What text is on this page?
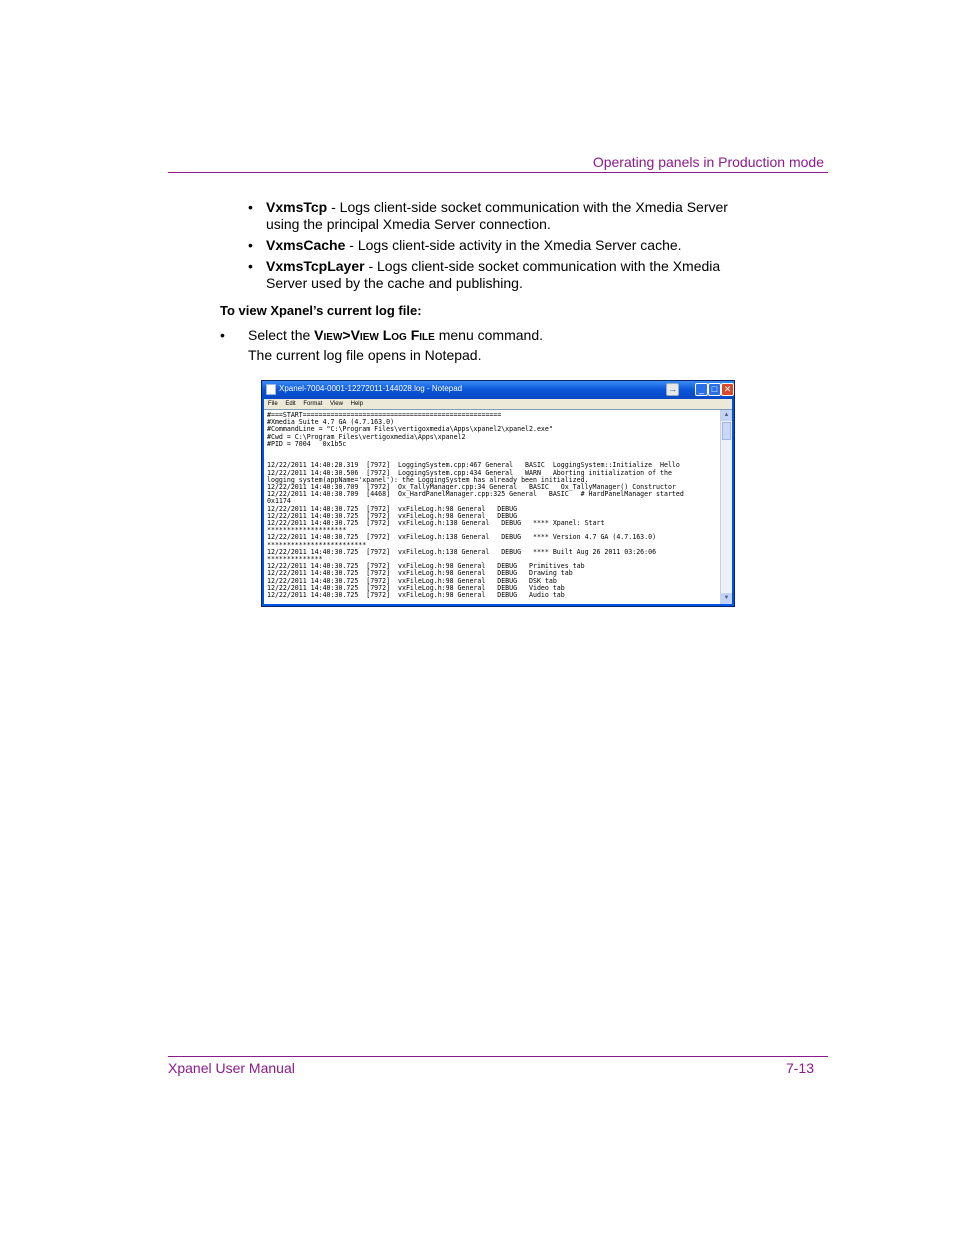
Operating panels in Production mode
• VxmsTcp - Logs client-side socket communication with the Xmedia Server
using the principal Xmedia Server connection.
• VxmsCache - Logs client-side activity in the Xmedia Server cache.
• VxmsTcpLayer - Logs client-side socket communication with the Xmedia
Server used by the cache and publishing.
To view Xpanel’s current log file:
• Select the VIEW>VIEW LOG FILE menu command.
The current log file opens in Notepad.
Xpanel-7004-0001-12272011-144028.log - Notepad	→	_ □ ✕
File Edit Format View Help
#===START==================================================
#Xmedia Suite 4.7 GA (4.7.163.0)
#CommandLine = "C:\Program Files\vertigoxmedia\Apps\xpanel2\xpanel2.exe"
#Cwd = C:\Program Files\vertigoxmedia\Apps\xpanel2
#PID = 7004   0x1b5c

12/22/2011 14:40:28.319  [7972]  LoggingSystem.cpp:467 General   BASIC  LoggingSystem::Initialize  Hello
12/22/2011 14:40:30.506  [7972]  LoggingSystem.cpp:434 General   WARN   Aborting initialization of the
logging system(appName='xpanel'): the LoggingSystem has already been initialized.
12/22/2011 14:40:30.709  [7972]  Ox_TallyManager.cpp:34 General   BASIC   Ox_TallyManager() Constructor
12/22/2011 14:40:30.709  [4468]  Ox_HardPanelManager.cpp:325 General   BASIC   # HardPanelManager started
0x1174
12/22/2011 14:40:30.725  [7972]  vxFileLog.h:98 General   DEBUG
12/22/2011 14:40:30.725  [7972]  vxFileLog.h:98 General   DEBUG
12/22/2011 14:40:30.725  [7972]  vxFileLog.h:138 General   DEBUG   **** Xpanel: Start
********************
12/22/2011 14:40:30.725  [7972]  vxFileLog.h:138 General   DEBUG   **** Version 4.7 GA (4.7.163.0)
*************************
12/22/2011 14:40:30.725  [7972]  vxFileLog.h:138 General   DEBUG   **** Built Aug 26 2011 03:26:06
**************
12/22/2011 14:40:30.725  [7972]  vxFileLog.h:98 General   DEBUG   Primitives tab
12/22/2011 14:40:30.725  [7972]  vxFileLog.h:98 General   DEBUG   Drawing tab
12/22/2011 14:40:30.725  [7972]  vxFileLog.h:98 General   DEBUG   DSK tab
12/22/2011 14:40:30.725  [7972]  vxFileLog.h:98 General   DEBUG   Video tab
12/22/2011 14:40:30.725  [7972]  vxFileLog.h:98 General   DEBUG   Audio tab
▲
▼
Xpanel User Manual	7-13
